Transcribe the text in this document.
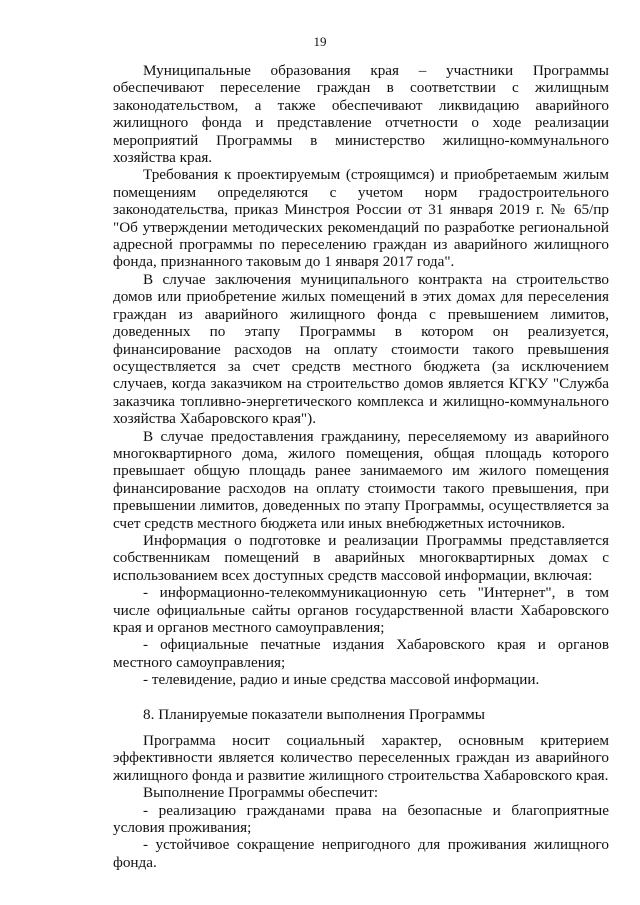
19

Муниципальные образования края – участники Программы обеспечивают переселение граждан в соответствии с жилищным законодательством, а также обеспечивают ликвидацию аварийного жилищного фонда и представление отчетности о ходе реализации мероприятий Программы в министерство жилищно-коммунального хозяйства края.

Требования к проектируемым (строящимся) и приобретаемым жилым помещениям определяются с учетом норм градостроительного законодательства, приказ Минстроя России от 31 января 2019 г. № 65/пр "Об утверждении методических рекомендаций по разработке региональной адресной программы по переселению граждан из аварийного жилищного фонда, признанного таковым до 1 января 2017 года".

В случае заключения муниципального контракта на строительство домов или приобретение жилых помещений в этих домах для переселения граждан из аварийного жилищного фонда с превышением лимитов, доведенных по этапу Программы в котором он реализуется, финансирование расходов на оплату стоимости такого превышения осуществляется за счет средств местного бюджета (за исключением случаев, когда заказчиком на строительство домов является КГКУ "Служба заказчика топливно-энергетического комплекса и жилищно-коммунального хозяйства Хабаровского края").

В случае предоставления гражданину, переселяемому из аварийного многоквартирного дома, жилого помещения, общая площадь которого превышает общую площадь ранее занимаемого им жилого помещения финансирование расходов на оплату стоимости такого превышения, при превышении лимитов, доведенных по этапу Программы, осуществляется за счет средств местного бюджета или иных внебюджетных источников.

Информация о подготовке и реализации Программы представляется собственникам помещений в аварийных многоквартирных домах с использованием всех доступных средств массовой информации, включая:

- информационно-телекоммуникационную сеть "Интернет", в том числе официальные сайты органов государственной власти Хабаровского края и органов местного самоуправления;

- официальные печатные издания Хабаровского края и органов местного самоуправления;

- телевидение, радио и иные средства массовой информации.

8. Планируемые показатели выполнения Программы

Программа носит социальный характер, основным критерием эффективности является количество переселенных граждан из аварийного жилищного фонда и развитие жилищного строительства Хабаровского края.

Выполнение Программы обеспечит:

- реализацию гражданами права на безопасные и благоприятные условия проживания;

- устойчивое сокращение непригодного для проживания жилищного фонда.
